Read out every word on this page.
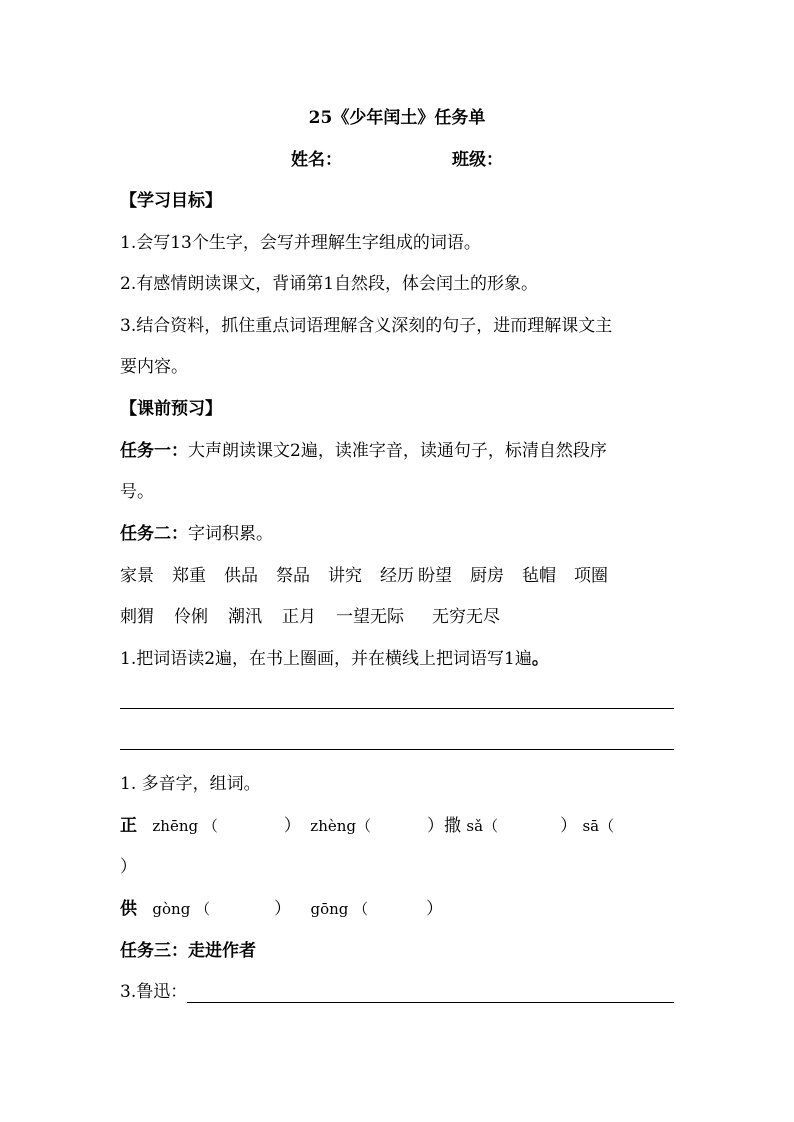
25《少年闰土》任务单
姓名：	班级：
【学习目标】
1.会写13个生字，会写并理解生字组成的词语。
2.有感情朗读课文，背诵第1自然段，体会闰土的形象。
3.结合资料，抓住重点词语理解含义深刻的句子，进而理解课文主
要内容。
【课前预习】
任务一：大声朗读课文2遍，读准字音，读通句子，标清自然段序
号。
任务二：字词积累。
家景 郑重 供品 祭品 讲究 经历 盼望 厨房 毡帽 项圈
刺猬 伶俐 潮汛 正月 一望无际 无穷无尽
1.把词语读2遍，在书上圈画，并在横线上把词语写1遍。
1. 多音字，组词。
正 zhēng （	） zhèng（	）撒 sǎ（	） sā（
）
供 gòng （	） gōng （	）
任务三：走进作者
3.鲁迅：
